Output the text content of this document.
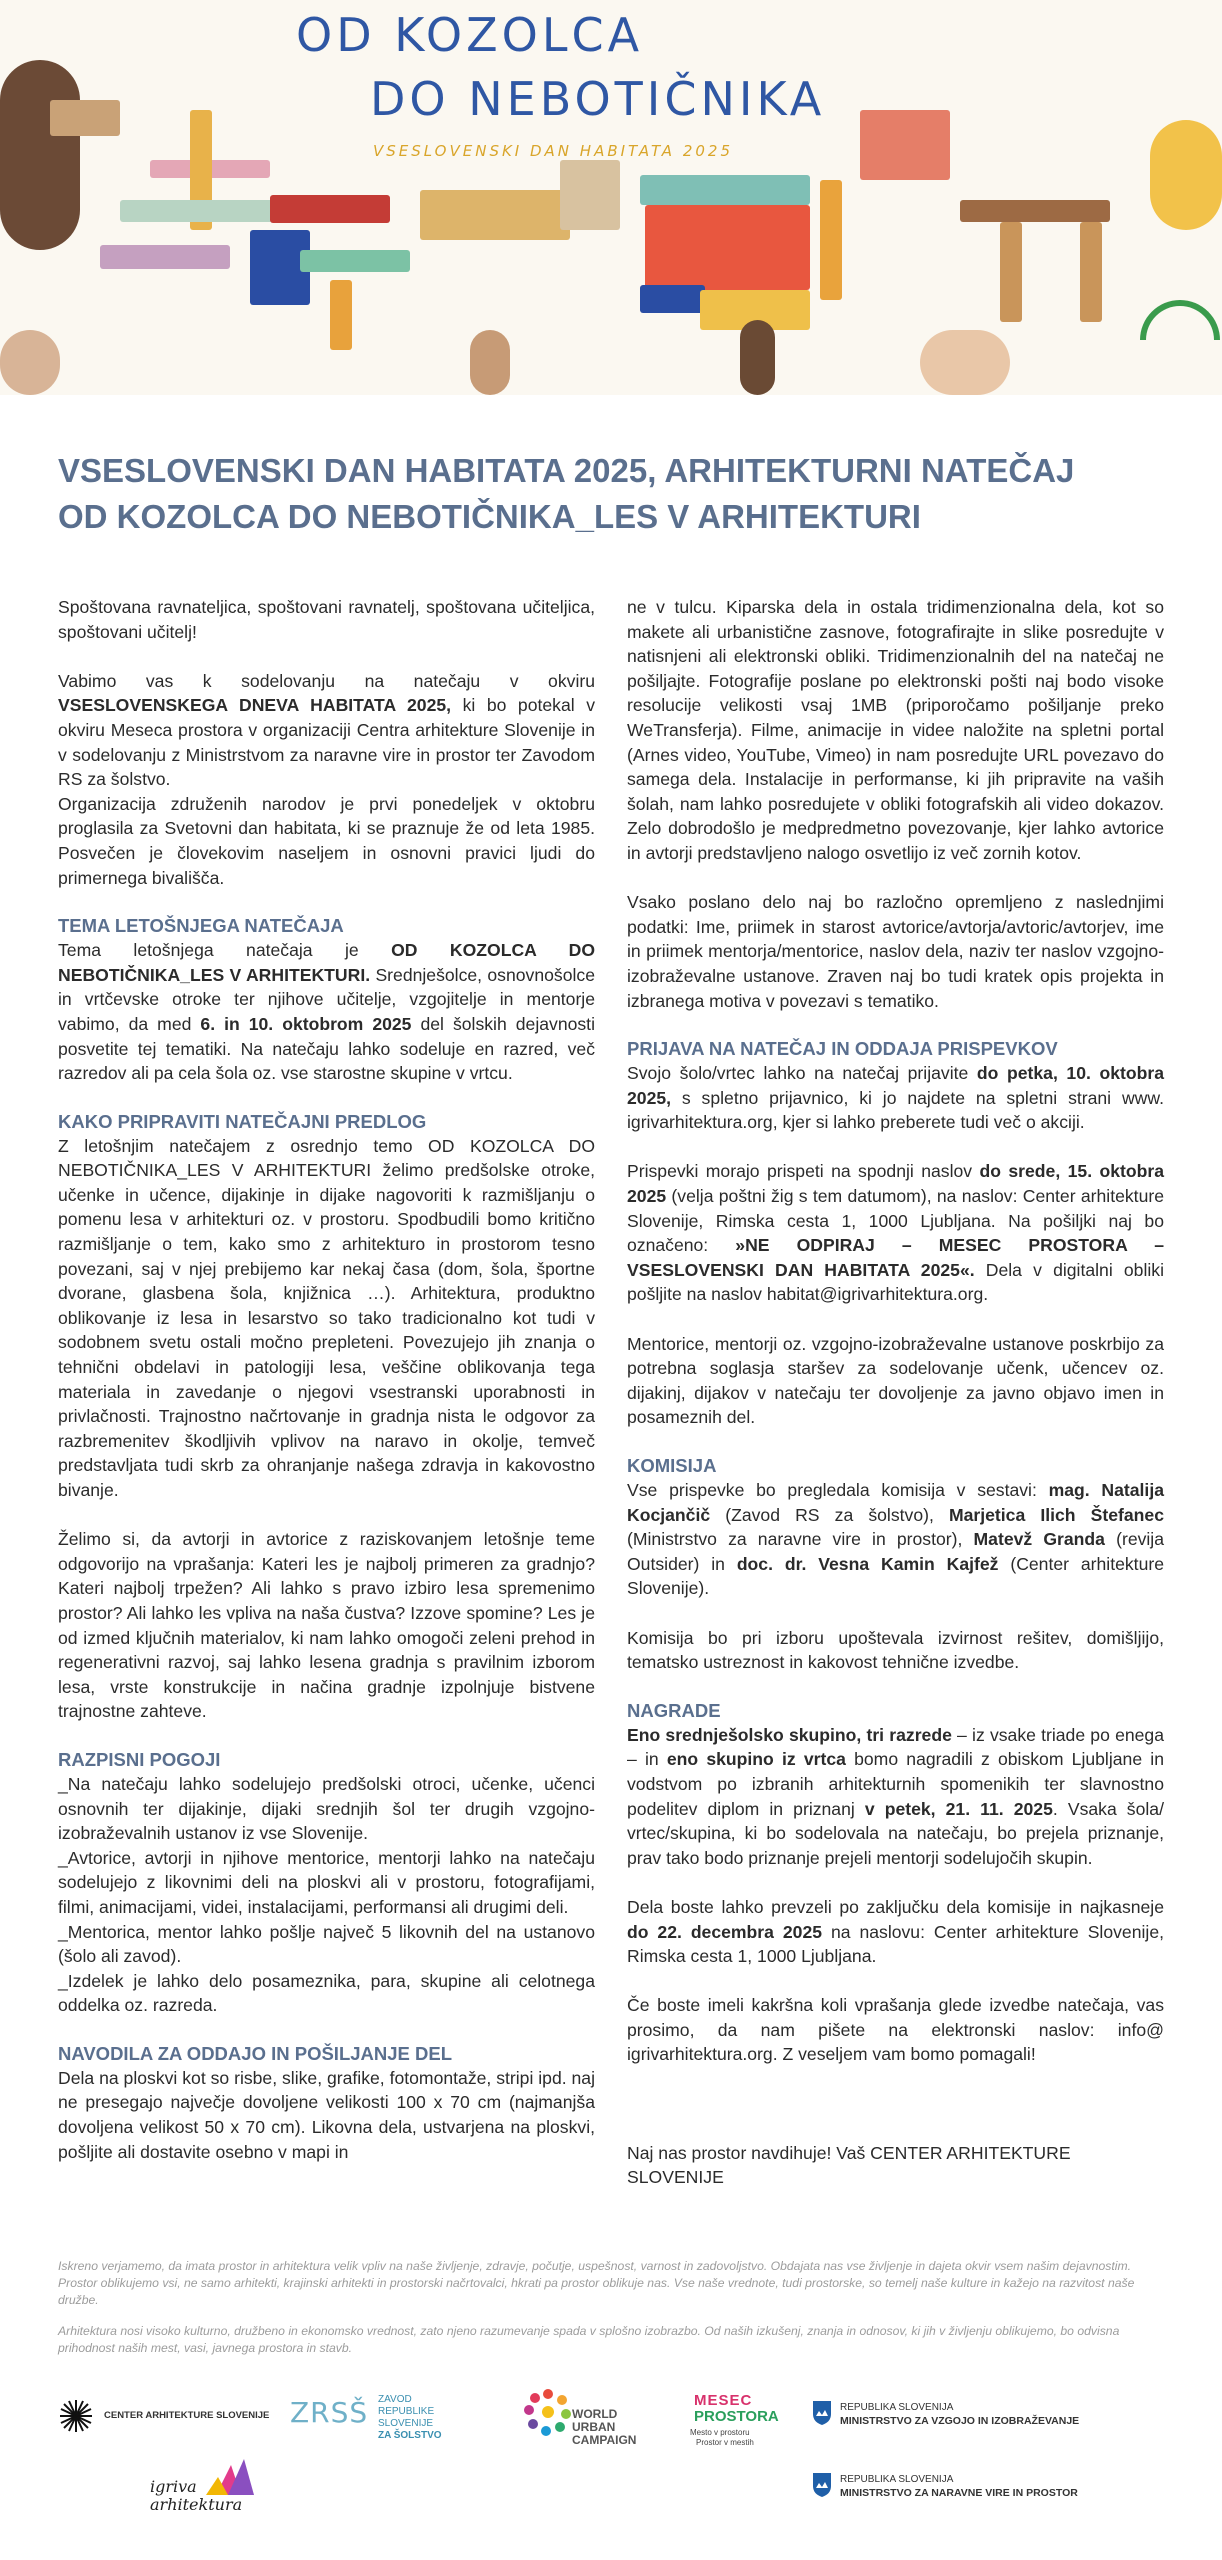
OD KOZOLCA
DO NEBOTIČNIKA
VSESLOVENSKI DAN HABITATA 2025
VSESLOVENSKI DAN HABITATA 2025, ARHITEKTURNI NATEČAJ
OD KOZOLCA DO NEBOTIČNIKA_LES V ARHITEKTURI

Spoštovana ravnateljica, spoštovani ravnatelj, spoštovana učiteljica, spoštovani učitelj!

Vabimo vas k sodelovanju na natečaju v okviru VSESLOVENSKEGA DNEVA HABITATA 2025, ki bo potekal v okviru Meseca prostora v organizaciji Centra arhitekture Slovenije in v sodelovanju z Ministrstvom za naravne vire in prostor ter Zavodom RS za šolstvo.

Organizacija združenih narodov je prvi ponedeljek v oktobru proglasila za Svetovni dan habitata, ki se praznuje že od leta 1985. Posvečen je človekovim naseljem in osnovni pravici ljudi do primernega bivališča.

TEMA LETOŠNJEGA NATEČAJA

Tema letošnjega natečaja je OD KOZOLCA DO NEBOTIČNIKA_LES V ARHITEKTURI. Srednješolce, osnovnošolce in vrtčevske otroke ter njihove učitelje, vzgojitelje in mentorje vabimo, da med 6. in 10. oktobrom 2025 del šolskih dejavnosti posvetite tej tematiki. Na natečaju lahko sodeluje en razred, več razredov ali pa cela šola oz. vse starostne skupine v vrtcu.

KAKO PRIPRAVITI NATEČAJNI PREDLOG

Z letošnjim natečajem z osrednjo temo OD KOZOLCA DO NEBOTIČNIKA_LES V ARHITEKTURI želimo predšolske otroke, učenke in učence, dijakinje in dijake nagovoriti k razmišljanju o pomenu lesa v arhitekturi oz. v prostoru. Spodbudili bomo kritično razmišljanje o tem, kako smo z arhitekturo in prostorom tesno povezani, saj v njej prebijemo kar nekaj časa (dom, šola, športne dvorane, glasbena šola, knjižnica …). Arhitektura, produktno oblikovanje iz lesa in lesarstvo so tako tradicionalno kot tudi v sodobnem svetu ostali močno prepleteni. Povezujejo jih znanja o tehnični obdelavi in patologiji lesa, veščine oblikovanja tega materiala in zavedanje o njegovi vsestranski uporabnosti in privlačnosti. Trajnostno načrtovanje in gradnja nista le odgovor za razbremenitev škodljivih vplivov na naravo in okolje, temveč predstavljata tudi skrb za ohranjanje našega zdravja in kakovostno bivanje.

Želimo si, da avtorji in avtorice z raziskovanjem letošnje teme odgovorijo na vprašanja: Kateri les je najbolj primeren za gradnjo? Kateri najbolj trpežen? Ali lahko s pravo izbiro lesa spremenimo prostor? Ali lahko les vpliva na naša čustva? Izzove spomine? Les je od izmed ključnih materialov, ki nam lahko omogoči zeleni prehod in regenerativni razvoj, saj lahko lesena gradnja s pravilnim izborom lesa, vrste konstrukcije in načina gradnje izpolnjuje bistvene trajnostne zahteve.

RAZPISNI POGOJI

_Na natečaju lahko sodelujejo predšolski otroci, učenke, učenci osnovnih ter dijakinje, dijaki srednjih šol ter drugih vzgojno-izobraževalnih ustanov iz vse Slovenije.

_Avtorice, avtorji in njihove mentorice, mentorji lahko na natečaju sodelujejo z likovnimi deli na ploskvi ali v prostoru, fotografijami, filmi, animacijami, videi, instalacijami, performansi ali drugimi deli.

_Mentorica, mentor lahko pošlje največ 5 likovnih del na ustanovo (šolo ali zavod).

_Izdelek je lahko delo posameznika, para, skupine ali celotnega oddelka oz. razreda.

NAVODILA ZA ODDAJO IN POŠILJANJE DEL

Dela na ploskvi kot so risbe, slike, grafike, fotomontaže, stripi ipd. naj ne presegajo največje dovoljene velikosti 100 x 70 cm (najmanjša dovoljena velikost 50 x 70 cm). Likovna dela, ustvarjena na ploskvi, pošljite ali dostavite osebno v mapi in

ne v tulcu. Kiparska dela in ostala tridimenzionalna dela, kot so makete ali urbanistične zasnove, fotografirajte in slike posredujte v natisnjeni ali elektronski obliki. Tridimenzionalnih del na natečaj ne pošiljajte. Fotografije poslane po elektronski pošti naj bodo visoke resolucije velikosti vsaj 1MB (priporočamo pošiljanje preko WeTransferja). Filme, animacije in videe naložite na spletni portal (Arnes video, YouTube, Vimeo) in nam posredujte URL povezavo do samega dela. Instalacije in performanse, ki jih pripravite na vaših šolah, nam lahko posredujete v obliki fotografskih ali video dokazov. Zelo dobrodošlo je medpredmetno povezovanje, kjer lahko avtorice in avtorji predstavljeno nalogo osvetlijo iz več zornih kotov.

Vsako poslano delo naj bo razločno opremljeno z naslednjimi podatki: Ime, priimek in starost avtorice/avtorja/avtoric/avtorjev, ime in priimek mentorja/mentorice, naslov dela, naziv ter naslov vzgojno-izobraževalne ustanove. Zraven naj bo tudi kratek opis projekta in izbranega motiva v povezavi s tematiko.

PRIJAVA NA NATEČAJ IN ODDAJA PRISPEVKOV

Svojo šolo/vrtec lahko na natečaj prijavite do petka, 10. oktobra 2025, s spletno prijavnico, ki jo najdete na spletni strani www. igrivarhitektura.org, kjer si lahko preberete tudi več o akciji.

Prispevki morajo prispeti na spodnji naslov do srede, 15. oktobra 2025 (velja poštni žig s tem datumom), na naslov: Center arhitekture Slovenije, Rimska cesta 1, 1000 Ljubljana. Na pošiljki naj bo označeno: »NE ODPIRAJ – MESEC PROSTORA – VSESLOVENSKI DAN HABITATA 2025«. Dela v digitalni obliki pošljite na naslov habitat@igrivarhitektura.org.

Mentorice, mentorji oz. vzgojno-izobraževalne ustanove poskrbijo za potrebna soglasja staršev za sodelovanje učenk, učencev oz. dijakinj, dijakov v natečaju ter dovoljenje za javno objavo imen in posameznih del.

KOMISIJA

Vse prispevke bo pregledala komisija v sestavi: mag. Natalija Kocjančič (Zavod RS za šolstvo), Marjetica Ilich Štefanec (Ministrstvo za naravne vire in prostor), Matevž Granda (revija Outsider) in doc. dr. Vesna Kamin Kajfež (Center arhitekture Slovenije).

Komisija bo pri izboru upoštevala izvirnost rešitev, domišljijo, tematsko ustreznost in kakovost tehnične izvedbe.

NAGRADE

Eno srednješolsko skupino, tri razrede – iz vsake triade po enega – in eno skupino iz vrtca bomo nagradili z obiskom Ljubljane in vodstvom po izbranih arhitekturnih spomenikih ter slavnostno podelitev diplom in priznanj v petek, 21. 11. 2025. Vsaka šola/ vrtec/skupina, ki bo sodelovala na natečaju, bo prejela priznanje, prav tako bodo priznanje prejeli mentorji sodelujočih skupin.

Dela boste lahko prevzeli po zaključku dela komisije in najkasneje do 22. decembra 2025 na naslovu: Center arhitekture Slovenije, Rimska cesta 1, 1000 Ljubljana.

Če boste imeli kakršna koli vprašanja glede izvedbe natečaja, vas prosimo, da nam pišete na elektronski naslov: info@ igrivarhitektura.org. Z veseljem vam bomo pomagali!

Naj nas prostor navdihuje! Vaš CENTER ARHITEKTURE SLOVENIJE

Iskreno verjamemo, da imata prostor in arhitektura velik vpliv na naše življenje, zdravje, počutje, uspešnost, varnost in zadovoljstvo. Obdajata nas vse življenje in dajeta okvir vsem našim dejavnostim. Prostor oblikujemo vsi, ne samo arhitekti, krajinski arhitekti in prostorski načrtovalci, hkrati pa prostor oblikuje nas. Vse naše vrednote, tudi prostorske, so temelj naše kulture in kažejo na razvitost naše družbe.

Arhitektura nosi visoko kulturno, družbeno in ekonomsko vrednost, zato njeno razumevanje spada v splošno izobrazbo. Od naših izkušenj, znanja in odnosov, ki jih v življenju oblikujemo, bo odvisna prihodnost naših mest, vasi, javnega prostora in stavb.

CENTER ARHITEKTURE SLOVENIJE ZRSŠ ZAVOD
REPUBLIKE SLOVENIJE
ZA ŠOLSTVO
WORLD
URBAN
CAMPAIGN
MESEC
PROSTORA
Mesto v prostoru
Prostor v mestih
REPUBLIKA SLOVENIJA
MINISTRSTVO ZA VZGOJO IN IZOBRAŽEVANJE
REPUBLIKA SLOVENIJA
MINISTRSTVO ZA NARAVNE VIRE IN PROSTOR
igriva
arhitektura
